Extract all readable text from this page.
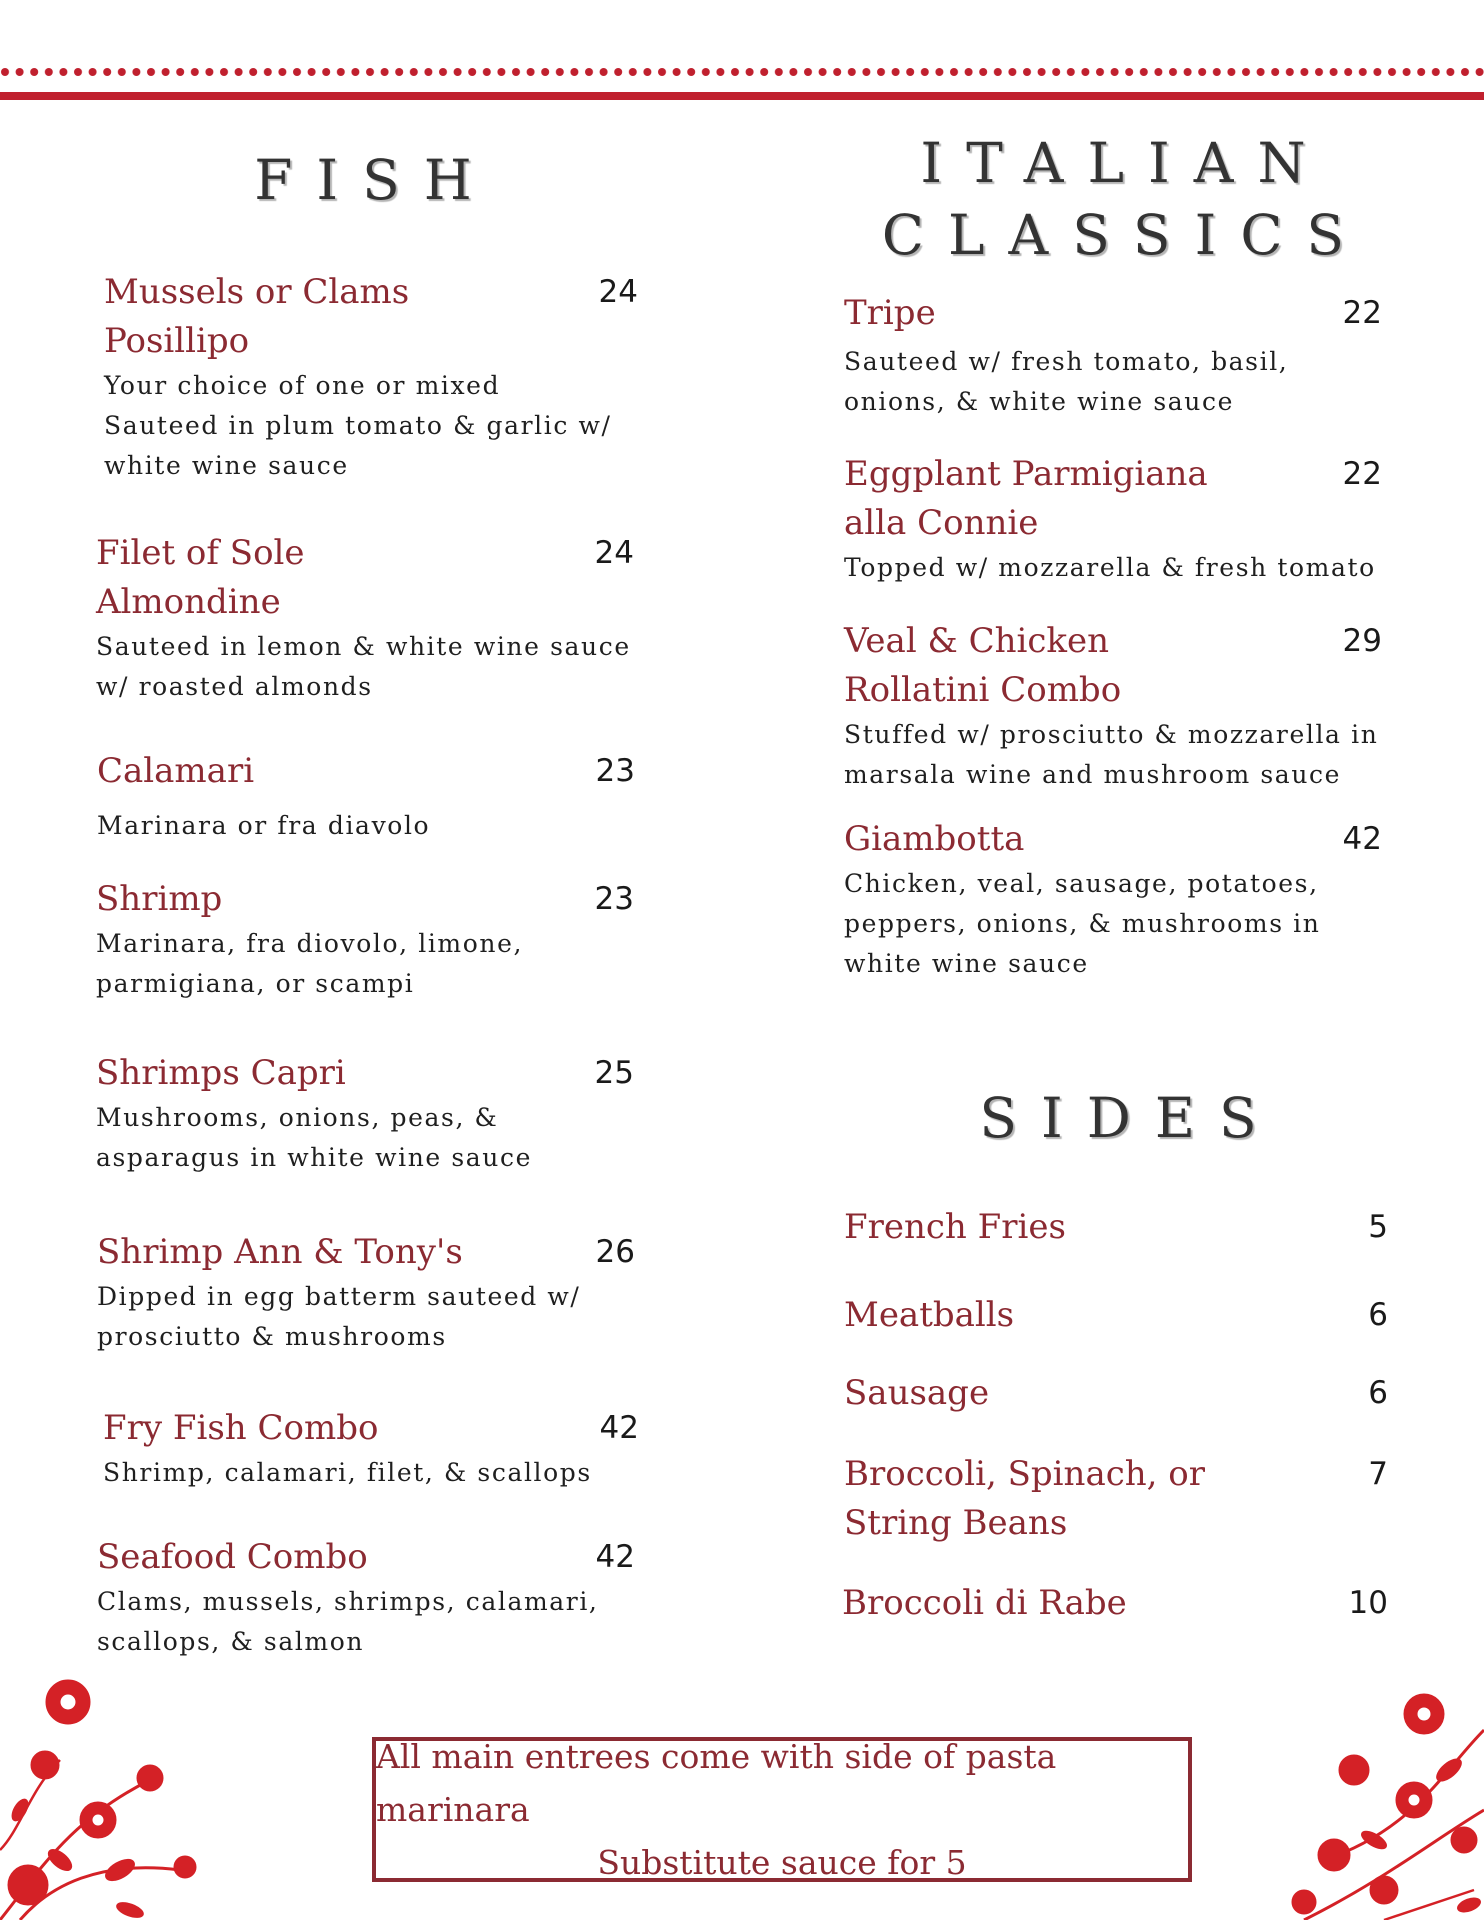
FISH
Mussels or Clams
Posillipo
24
Your choice of one or mixed
Sauteed in plum tomato & garlic w/
white wine sauce
Filet of Sole
Almondine
24
Sauteed in lemon & white wine sauce
w/ roasted almonds
Calamari	23
Marinara or fra diavolo
Shrimp	23
Marinara, fra diovolo, limone,
parmigiana, or scampi
Shrimps Capri	25
Mushrooms, onions, peas, &
asparagus in white wine sauce
Shrimp Ann & Tony's	26
Dipped in egg batterm sauteed w/
prosciutto & mushrooms
Fry Fish Combo	42
Shrimp, calamari, filet, & scallops
Seafood Combo	42
Clams, mussels, shrimps, calamari,
scallops, & salmon
ITALIAN
CLASSICS
Tripe	22
Sauteed w/ fresh tomato, basil,
onions, & white wine sauce
Eggplant Parmigiana
alla Connie
22
Topped w/ mozzarella & fresh tomato
Veal & Chicken
Rollatini Combo
29
Stuffed w/ prosciutto & mozzarella in
marsala wine and mushroom sauce
Giambotta	42
Chicken, veal, sausage, potatoes,
peppers, onions, & mushrooms in
white wine sauce
SIDES
French Fries	5
Meatballs	6
Sausage	6
Broccoli, Spinach, or
String Beans
7
Broccoli di Rabe	10
All main entrees come with side of pasta marinara
Substitute sauce for 5
